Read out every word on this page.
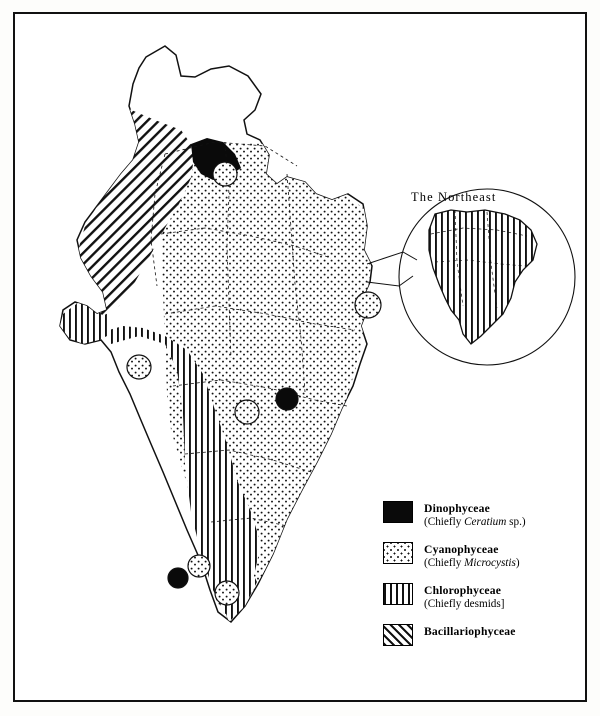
The Northeast
Dinophyceae
(Chiefly Ceratium sp.)
Cyanophyceae
(Chiefly Microcystis)
Chlorophyceae
(Chiefly desmids]
Bacillariophyceae
